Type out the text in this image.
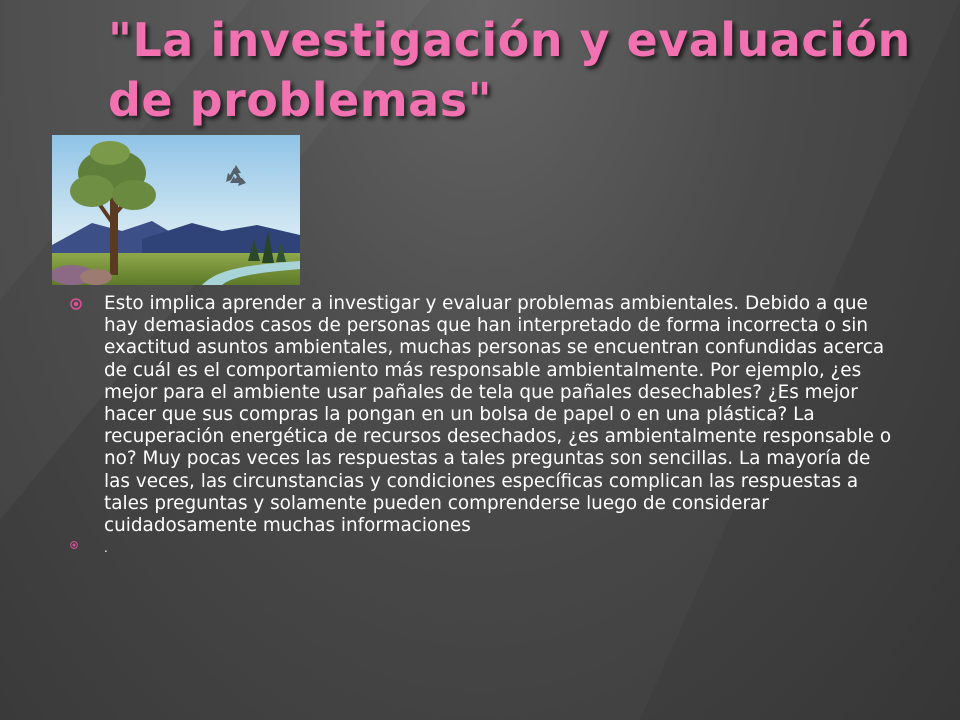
"La investigación y evaluación de problemas"
Esto implica aprender a investigar y evaluar problemas ambientales. Debido a que hay demasiados casos de personas que han interpretado de forma incorrecta o sin exactitud asuntos ambientales, muchas personas se encuentran confundidas acerca de cuál es el comportamiento más responsable ambientalmente. Por ejemplo, ¿es mejor para el ambiente usar pañales de tela que pañales desechables? ¿Es mejor hacer que sus compras la pongan en un bolsa de papel o en una plástica? La recuperación energética de recursos desechados, ¿es ambientalmente responsable o no? Muy pocas veces las respuestas a tales preguntas son sencillas. La mayoría de las veces, las circunstancias y condiciones específicas complican las respuestas a tales preguntas y solamente pueden comprenderse luego de considerar cuidadosamente muchas informaciones
.
